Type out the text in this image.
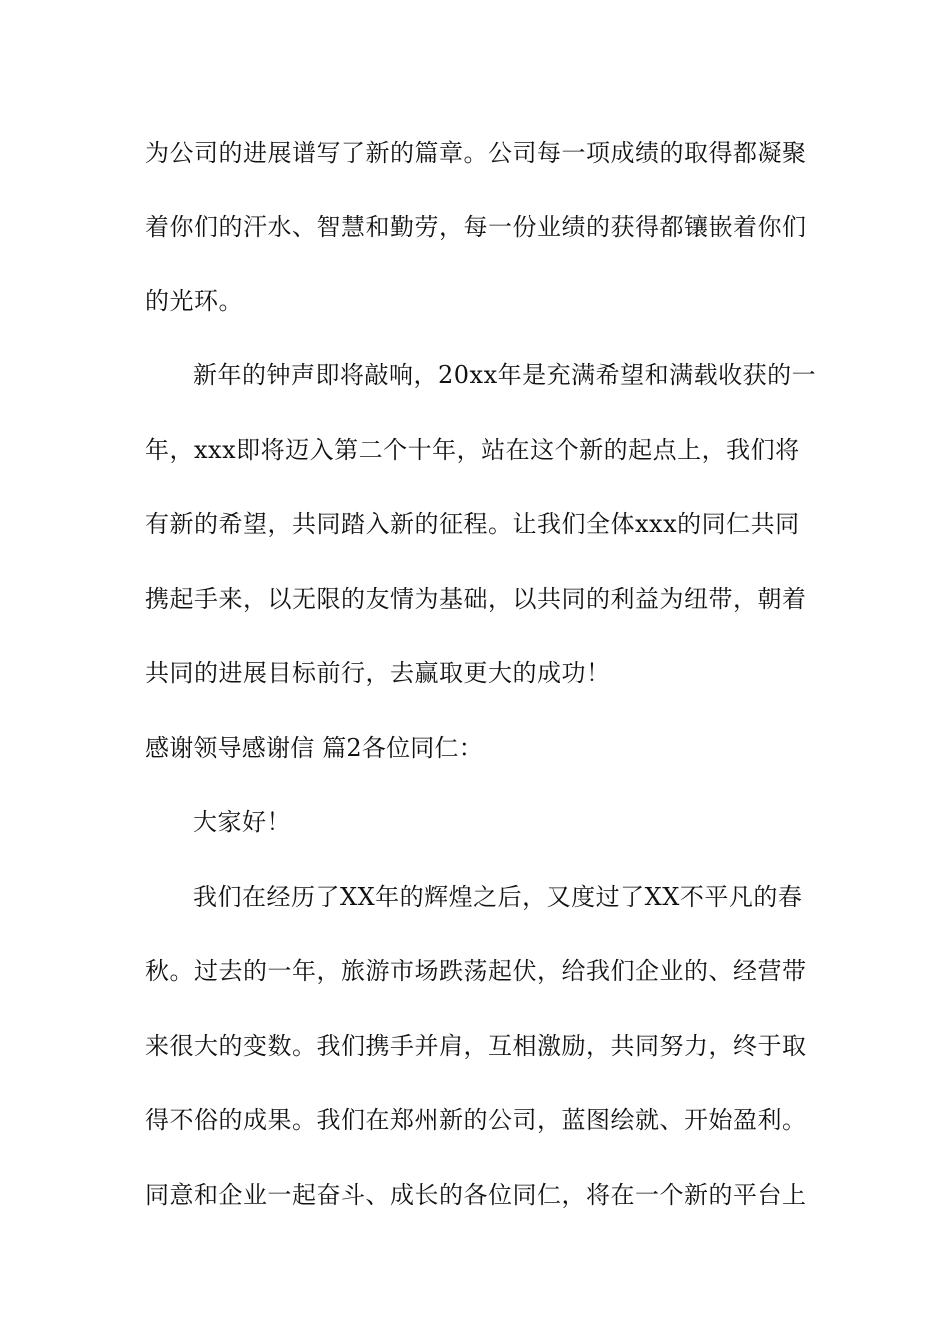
为公司的进展谱写了新的篇章。公司每一项成绩的取得都凝聚
着你们的汗水、智慧和勤劳，每一份业绩的获得都镶嵌着你们
的光环。
新年的钟声即将敲响，20xx年是充满希望和满载收获的一
年，xxx即将迈入第二个十年，站在这个新的起点上，我们将
有新的希望，共同踏入新的征程。让我们全体xxx的同仁共同
携起手来，以无限的友情为基础，以共同的利益为纽带，朝着
共同的进展目标前行，去赢取更大的成功！
感谢领导感谢信 篇2各位同仁：
大家好！
我们在经历了XX年的辉煌之后，又度过了XX不平凡的春
秋。过去的一年，旅游市场跌荡起伏，给我们企业的、经营带
来很大的变数。我们携手并肩，互相激励，共同努力，终于取
得不俗的成果。我们在郑州新的公司，蓝图绘就、开始盈利。
同意和企业一起奋斗、成长的各位同仁，将在一个新的平台上
